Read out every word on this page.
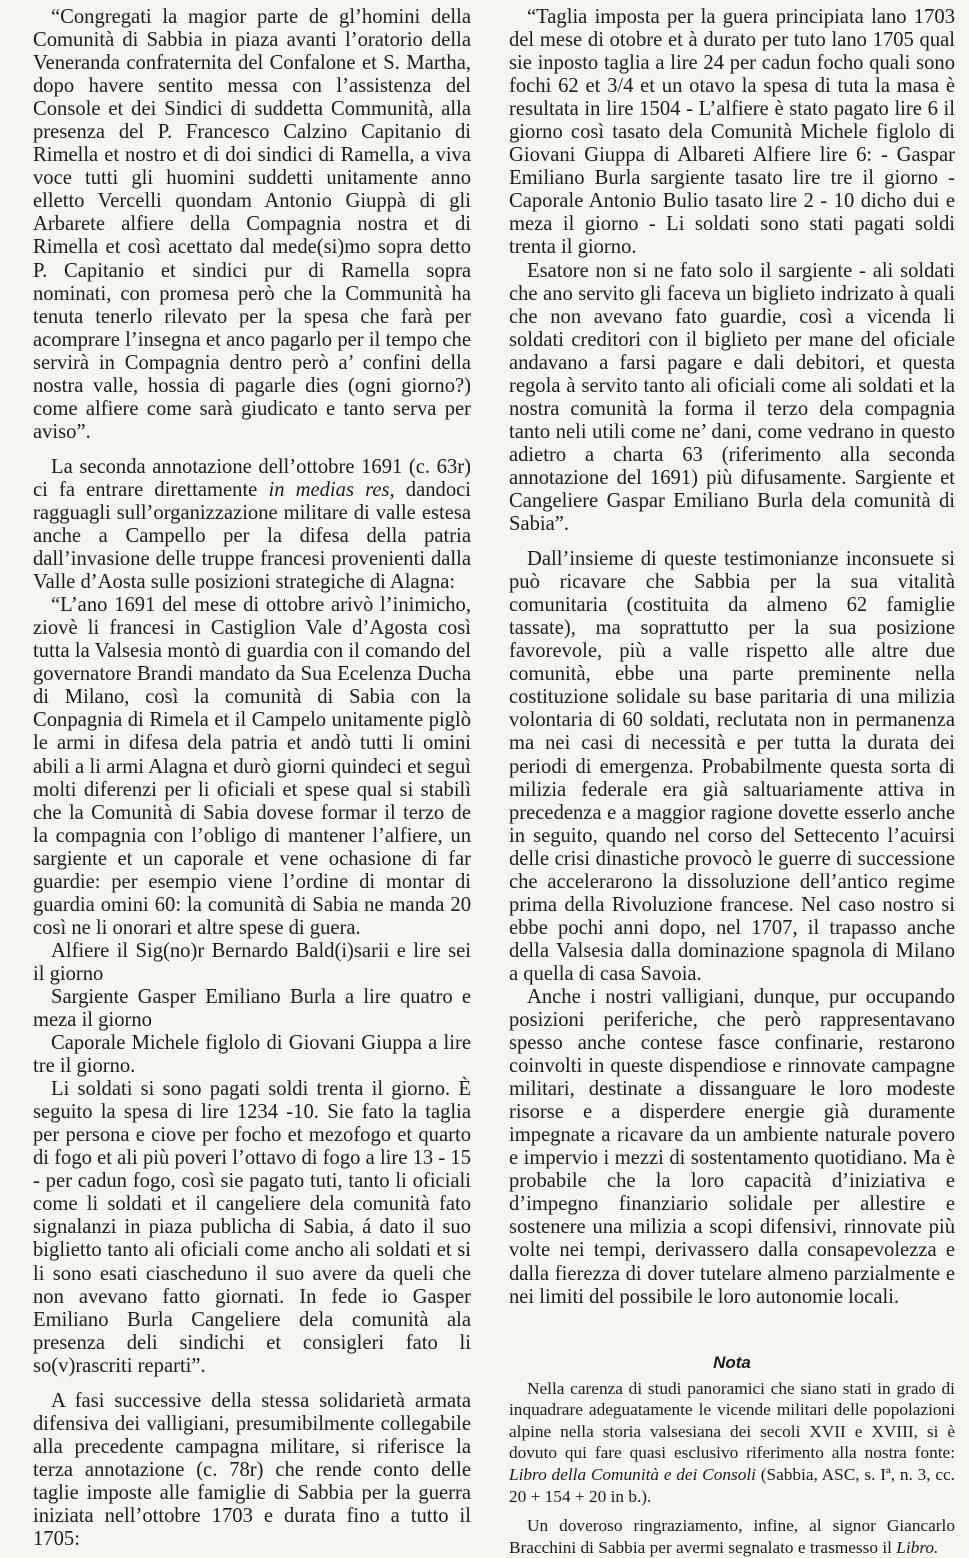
“Congregati la magior parte de gl’homini della Comunità di Sabbia in piaza avanti l’oratorio della Veneranda confraternita del Confalone et S. Martha, dopo havere sentito messa con l’assistenza del Console et dei Sindici di suddetta Communità, alla presenza del P. Francesco Calzino Capitanio di Rimella et nostro et di doi sindici di Ramella, a viva voce tutti gli huomini suddetti unitamente anno elletto Vercelli quondam Antonio Giuppà di gli Arbarete alfiere della Compagnia nostra et di Rimella et così acettato dal mede(si)mo sopra detto P. Capitanio et sindici pur di Ramella sopra nominati, con promesa però che la Communità ha tenuta tenerlo rilevato per la spesa che farà per acomprare l’insegna et anco pagarlo per il tempo che servirà in Compagnia dentro però a’ confini della nostra valle, hossia di pagarle dies (ogni giorno?) come alfiere come sarà giudicato e tanto serva per aviso”.

La seconda annotazione dell’ottobre 1691 (c. 63r) ci fa entrare direttamente in medias res, dandoci ragguagli sull’organizzazione militare di valle estesa anche a Campello per la difesa della patria dall’invasione delle truppe francesi provenienti dalla Valle d’Aosta sulle posizioni strategiche di Alagna:

“L’ano 1691 del mese di ottobre arivò l’inimicho, ziovè li francesi in Castiglion Vale d’Agosta così tutta la Valsesia montò di guardia con il comando del governatore Brandi mandato da Sua Ecelenza Ducha di Milano, così la comunità di Sabia con la Conpagnia di Rimela et il Campelo unitamente piglò le armi in difesa dela patria et andò tutti li omini abili a li armi Alagna et durò giorni quindeci et seguì molti diferenzi per li oficiali et spese qual si stabilì che la Comunità di Sabia dovese formar il terzo de la compagnia con l’obligo di mantener l’alfiere, un sargiente et un caporale et vene ochasione di far guardie: per esempio viene l’ordine di montar di guardia omini 60: la comunità di Sabia ne manda 20 così ne li onorari et altre spese di guera.

Alfiere il Sig(no)r Bernardo Bald(i)sarii e lire sei il giorno

Sargiente Gasper Emiliano Burla a lire quatro e meza il giorno

Caporale Michele figlolo di Giovani Giuppa a lire tre il giorno.

Li soldati si sono pagati soldi trenta il giorno. È seguito la spesa di lire 1234 -10. Sie fato la taglia per persona e ciove per focho et mezofogo et quarto di fogo et ali più poveri l’ottavo di fogo a lire 13 - 15 - per cadun fogo, così sie pagato tuti, tanto li oficiali come li soldati et il cangeliere dela comunità fato signalanzi in piaza publicha di Sabia, á dato il suo biglietto tanto ali oficiali come ancho ali soldati et si li sono esati ciascheduno il suo avere da queli che non avevano fatto giornati. In fede io Gasper Emiliano Burla Cangeliere dela comunità ala presenza deli sindichi et consigleri fato li so(v)rascriti reparti”.

A fasi successive della stessa solidarietà armata difensiva dei valligiani, presumibilmente collegabile alla precedente campagna militare, si riferisce la terza annotazione (c. 78r) che rende conto delle taglie imposte alle famiglie di Sabbia per la guerra iniziata nell’ottobre 1703 e durata fino a tutto il 1705:

“Taglia imposta per la guera principiata lano 1703 del mese di otobre et à durato per tuto lano 1705 qual sie inposto taglia a lire 24 per cadun focho quali sono fochi 62 et 3/4 et un otavo la spesa di tuta la masa è resultata in lire 1504 - L’alfiere è stato pagato lire 6 il giorno così tasato dela Comunità Michele figlolo di Giovani Giuppa di Albareti Alfiere lire 6: - Gaspar Emiliano Burla sargiente tasato lire tre il giorno - Caporale Antonio Bulio tasato lire 2 - 10 dicho dui e meza il giorno - Li soldati sono stati pagati soldi trenta il giorno.

Esatore non si ne fato solo il sargiente - ali soldati che ano servito gli faceva un biglieto indrizato à quali che non avevano fato guardie, così a vicenda li soldati creditori con il biglieto per mane del oficiale andavano a farsi pagare e dali debitori, et questa regola à servito tanto ali oficiali come ali soldati et la nostra comunità la forma il terzo dela compagnia tanto neli utili come ne’ dani, come vedrano in questo adietro a charta 63 (riferimento alla seconda annotazione del 1691) più difusamente. Sargiente et Cangeliere Gaspar Emiliano Burla dela comunità di Sabia”.

Dall’insieme di queste testimonianze inconsuete si può ricavare che Sabbia per la sua vitalità comunitaria (costituita da almeno 62 famiglie tassate), ma soprattutto per la sua posizione favorevole, più a valle rispetto alle altre due comunità, ebbe una parte preminente nella costituzione solidale su base paritaria di una milizia volontaria di 60 soldati, reclutata non in permanenza ma nei casi di necessità e per tutta la durata dei periodi di emergenza. Probabilmente questa sorta di milizia federale era già saltuariamente attiva in precedenza e a maggior ragione dovette esserlo anche in seguito, quando nel corso del Settecento l’acuirsi delle crisi dinastiche provocò le guerre di successione che accelerarono la dissoluzione dell’antico regime prima della Rivoluzione francese. Nel caso nostro si ebbe pochi anni dopo, nel 1707, il trapasso anche della Valsesia dalla dominazione spagnola di Milano a quella di casa Savoia.

Anche i nostri valligiani, dunque, pur occupando posizioni periferiche, che però rappresentavano spesso anche contese fasce confinarie, restarono coinvolti in queste dispendiose e rinnovate campagne militari, destinate a dissanguare le loro modeste risorse e a disperdere energie già duramente impegnate a ricavare da un ambiente naturale povero e impervio i mezzi di sostentamento quotidiano. Ma è probabile che la loro capacità d’iniziativa e d’impegno finanziario solidale per allestire e sostenere una milizia a scopi difensivi, rinnovate più volte nei tempi, derivassero dalla consapevolezza e dalla fierezza di dover tutelare almeno parzialmente e nei limiti del possibile le loro autonomie locali.

Nota

Nella carenza di studi panoramici che siano stati in grado di inquadrare adeguatamente le vicende militari delle popolazioni alpine nella storia valsesiana dei secoli XVII e XVIII, si è dovuto qui fare quasi esclusivo riferimento alla nostra fonte: Libro della Comunità e dei Consoli (Sabbia, ASC, s. Iª, n. 3, cc. 20 + 154 + 20 in b.).

Un doveroso ringraziamento, infine, al signor Giancarlo Bracchini di Sabbia per avermi segnalato e trasmesso il Libro.
